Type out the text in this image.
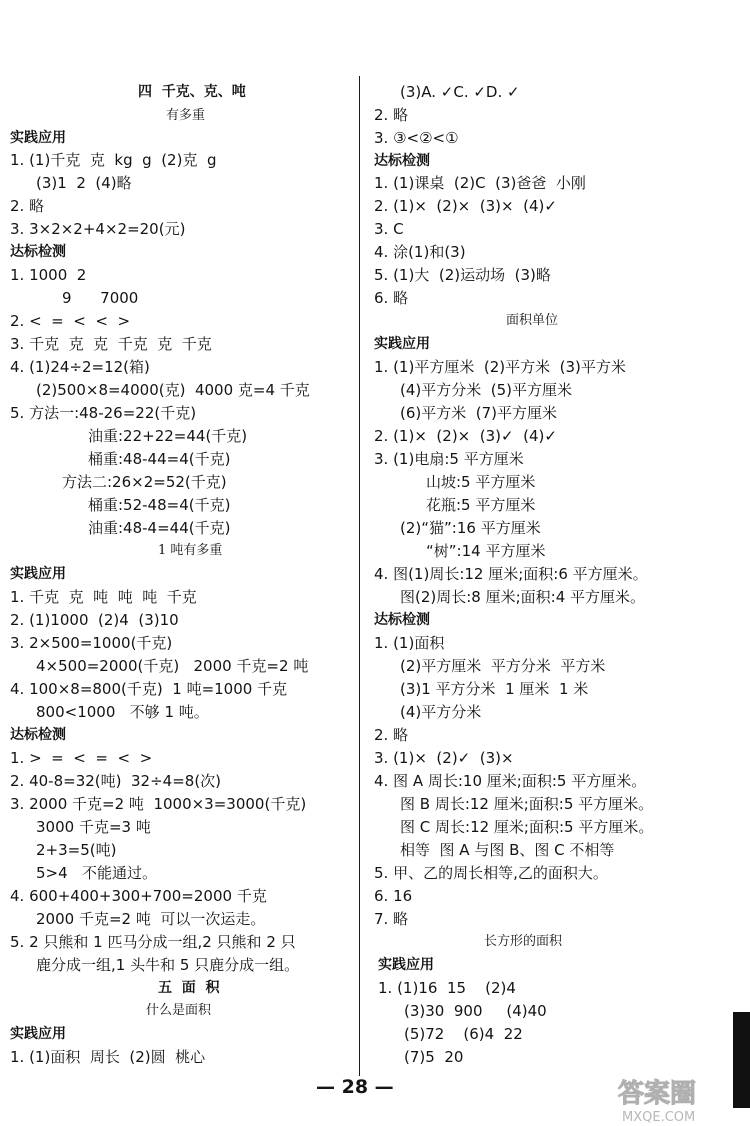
四  千克、克、吨
有多重
实践应用
1. (1)千克  克  kg  g  (2)克  g
(3)1  2  (4)略
2. 略
3. 3×2×2+4×2=20(元)
达标检测
1. 1000  2
9      7000
2. <  =  <  <  >
3. 千克  克  克  千克  克  千克
4. (1)24÷2=12(箱)
(2)500×8=4000(克)  4000 克=4 千克
5. 方法一:48-26=22(千克)
油重:22+22=44(千克)
桶重:48-44=4(千克)
方法二:26×2=52(千克)
桶重:52-48=4(千克)
油重:48-4=44(千克)
1 吨有多重
实践应用
1. 千克  克  吨  吨  吨  千克
2. (1)1000  (2)4  (3)10
3. 2×500=1000(千克)
4×500=2000(千克)   2000 千克=2 吨
4. 100×8=800(千克)  1 吨=1000 千克
800<1000   不够 1 吨。
达标检测
1. >  =  <  =  <  >
2. 40-8=32(吨)  32÷4=8(次)
3. 2000 千克=2 吨  1000×3=3000(千克)
3000 千克=3 吨
2+3=5(吨)
5>4   不能通过。
4. 600+400+300+700=2000 千克
2000 千克=2 吨  可以一次运走。
5. 2 只熊和 1 匹马分成一组,2 只熊和 2 只
鹿分成一组,1 头牛和 5 只鹿分成一组。
五  面  积
什么是面积
实践应用
1. (1)面积  周长  (2)圆  桃心
(3)A. ✓C. ✓D. ✓
2. 略
3. ③<②<①
达标检测
1. (1)课桌  (2)C  (3)爸爸  小刚
2. (1)×  (2)×  (3)×  (4)✓
3. C
4. 涂(1)和(3)
5. (1)大  (2)运动场  (3)略
6. 略
面积单位
实践应用
1. (1)平方厘米  (2)平方米  (3)平方米
(4)平方分米  (5)平方厘米
(6)平方米  (7)平方厘米
2. (1)×  (2)×  (3)✓  (4)✓
3. (1)电扇:5 平方厘米
山坡:5 平方厘米
花瓶:5 平方厘米
(2)“猫”:16 平方厘米
“树”:14 平方厘米
4. 图(1)周长:12 厘米;面积:6 平方厘米。
图(2)周长:8 厘米;面积:4 平方厘米。
达标检测
1. (1)面积
(2)平方厘米  平方分米  平方米
(3)1 平方分米  1 厘米  1 米
(4)平方分米
2. 略
3. (1)×  (2)✓  (3)×
4. 图 A 周长:10 厘米;面积:5 平方厘米。
图 B 周长:12 厘米;面积:5 平方厘米。
图 C 周长:12 厘米;面积:5 平方厘米。
相等  图 A 与图 B、图 C 不相等
5. 甲、乙的周长相等,乙的面积大。
6. 16
7. 略
长方形的面积
实践应用
1. (1)16  15    (2)4
(3)30  900     (4)40
(5)72    (6)4  22
(7)5  20
— 28 —	答案圈
MXQE.COM
